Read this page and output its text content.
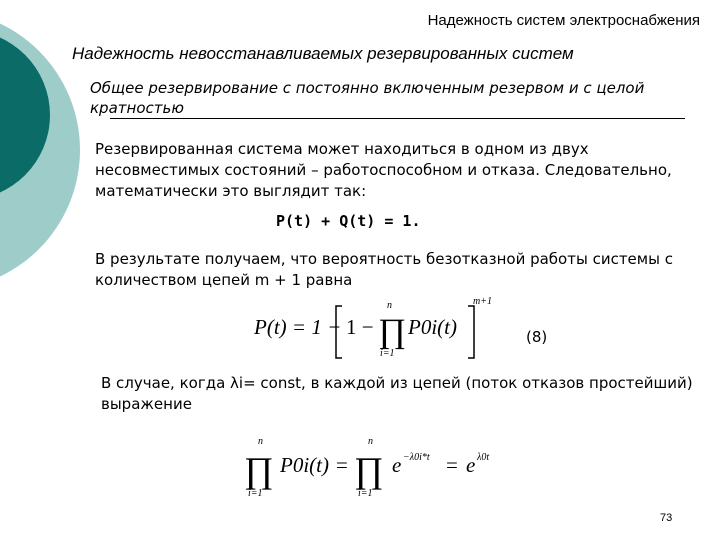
Надежность систем электроснабжения
Надежность невосстанавливаемых резервированных систем
Общее резервирование с постоянно включенным резервом и с целой кратностью
Резервированная система может находиться в одном из двух несовместимых состояний – работоспособном и отказа. Следовательно, математически это выглядит так:
P(t) + Q(t) = 1.
В результате получаем, что вероятность безотказной работы системы с количеством цепей m + 1 равна
P(t) = 1 − 1 −
n
∏
i=1
P0i(t)
m+1
(8)
В случае, когда λi= const, в каждой из цепей (поток отказов простейший) выражение
n
∏
i=1
P0i(t) =
n
∏
i=1
e −λ0i*t = e λ0t
73
